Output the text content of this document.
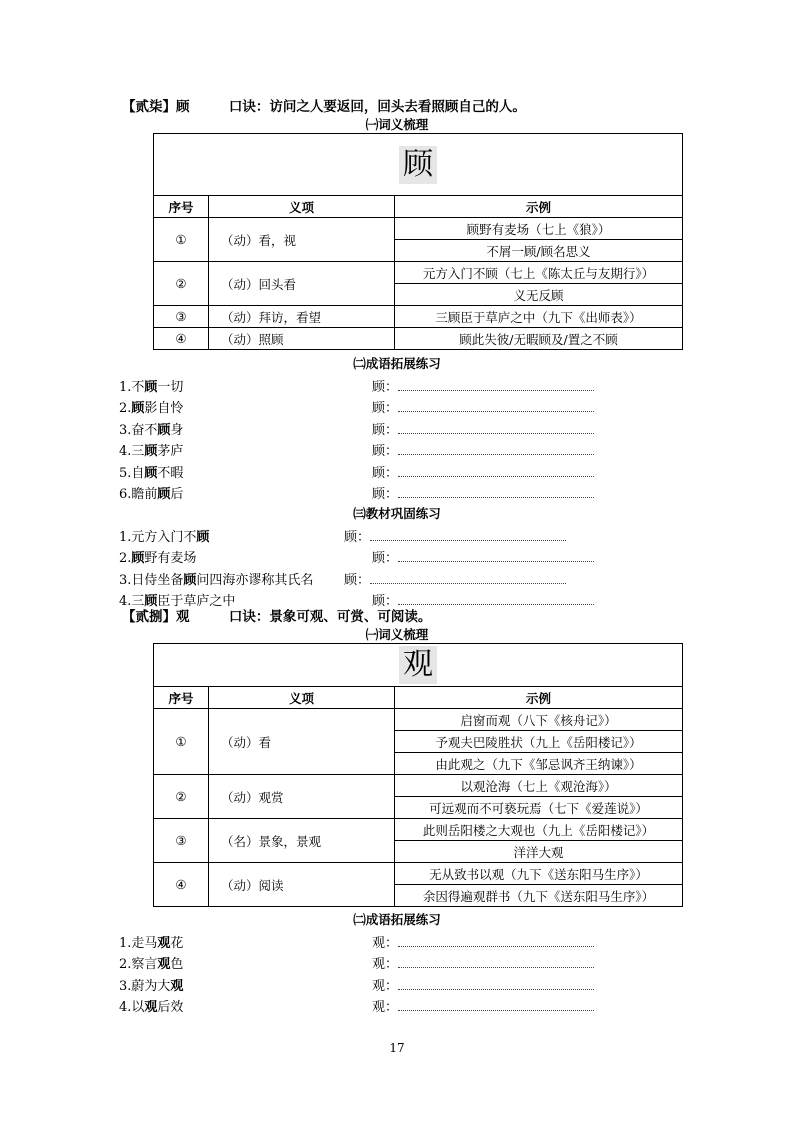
【贰柒】顾	口诀：访问之人要返回，回头去看照顾自己的人。
㈠词义梳理
顾		
序号	义项	示例
①	（动）看，视	顾野有麦场（七上《狼》）
		不屑一顾/顾名思义
②	（动）回头看	元方入门不顾（七上《陈太丘与友期行》）
		义无反顾
③	（动）拜访，看望	三顾臣于草庐之中（九下《出师表》）
④	（动）照顾	顾此失彼/无暇顾及/置之不顾
㈡成语拓展练习
1.不顾一切	顾：
2.顾影自怜	顾：
3.奋不顾身	顾：
4.三顾茅庐	顾：
5.自顾不暇	顾：
6.瞻前顾后	顾：
㈢教材巩固练习
1.元方入门不顾	顾：
2.顾野有麦场	顾：
3.日侍坐备顾问四海亦谬称其氏名 顾：
4.三顾臣于草庐之中	顾：
【贰捌】观	口诀：景象可观、可赏、可阅读。
㈠词义梳理
观		
序号	义项	示例
①	（动）看	启窗而观（八下《核舟记》）
		予观夫巴陵胜状（九上《岳阳楼记》）
		由此观之（九下《邹忌讽齐王纳谏》）
②	（动）观赏	以观沧海（七上《观沧海》）
		可远观而不可亵玩焉（七下《爱莲说》）
③	（名）景象，景观	此则岳阳楼之大观也（九上《岳阳楼记》）
		洋洋大观
④	（动）阅读	无从致书以观（九下《送东阳马生序》）
		余因得遍观群书（九下《送东阳马生序》）
㈡成语拓展练习
1.走马观花	观：
2.察言观色	观：
3.蔚为大观	观：
4.以观后效	观：
17
